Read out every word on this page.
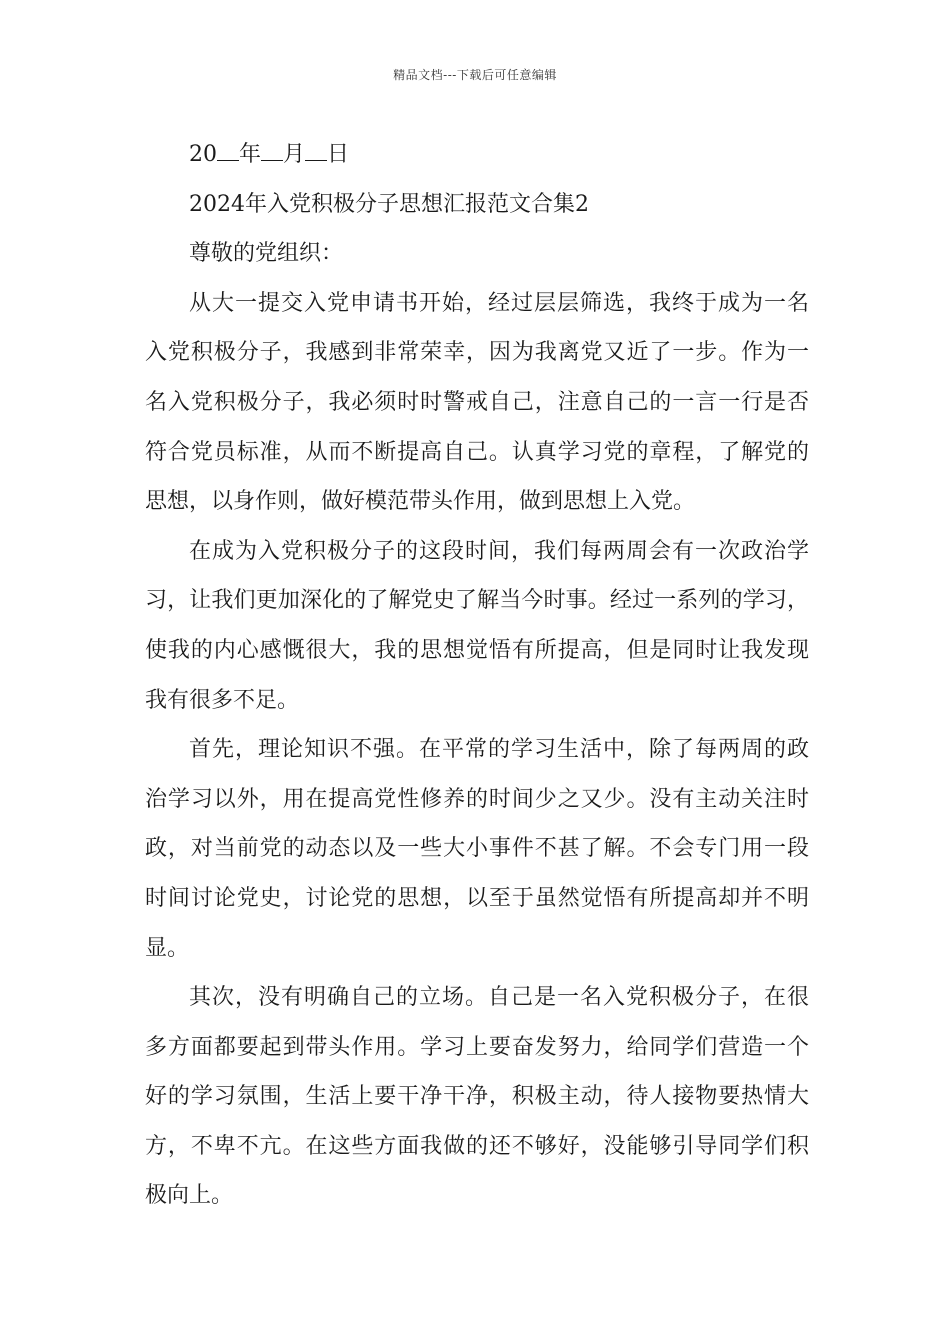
精品文档---下载后可任意编辑

20 年 月 日

2024年入党积极分子思想汇报范文合集2

尊敬的党组织：

从大一提交入党申请书开始，经过层层筛选，我终于成为一名

入党积极分子，我感到非常荣幸，因为我离党又近了一步。作为一

名入党积极分子，我必须时时警戒自己，注意自己的一言一行是否

符合党员标准，从而不断提高自己。认真学习党的章程，了解党的

思想，以身作则，做好模范带头作用，做到思想上入党。

在成为入党积极分子的这段时间，我们每两周会有一次政治学

习，让我们更加深化的了解党史了解当今时事。经过一系列的学习，

使我的内心感慨很大，我的思想觉悟有所提高，但是同时让我发现

我有很多不足。

首先，理论知识不强。在平常的学习生活中，除了每两周的政

治学习以外，用在提高党性修养的时间少之又少。没有主动关注时

政，对当前党的动态以及一些大小事件不甚了解。不会专门用一段

时间讨论党史，讨论党的思想，以至于虽然觉悟有所提高却并不明

显。

其次，没有明确自己的立场。自己是一名入党积极分子，在很

多方面都要起到带头作用。学习上要奋发努力，给同学们营造一个

好的学习氛围，生活上要干净干净，积极主动，待人接物要热情大

方，不卑不亢。在这些方面我做的还不够好，没能够引导同学们积

极向上。
